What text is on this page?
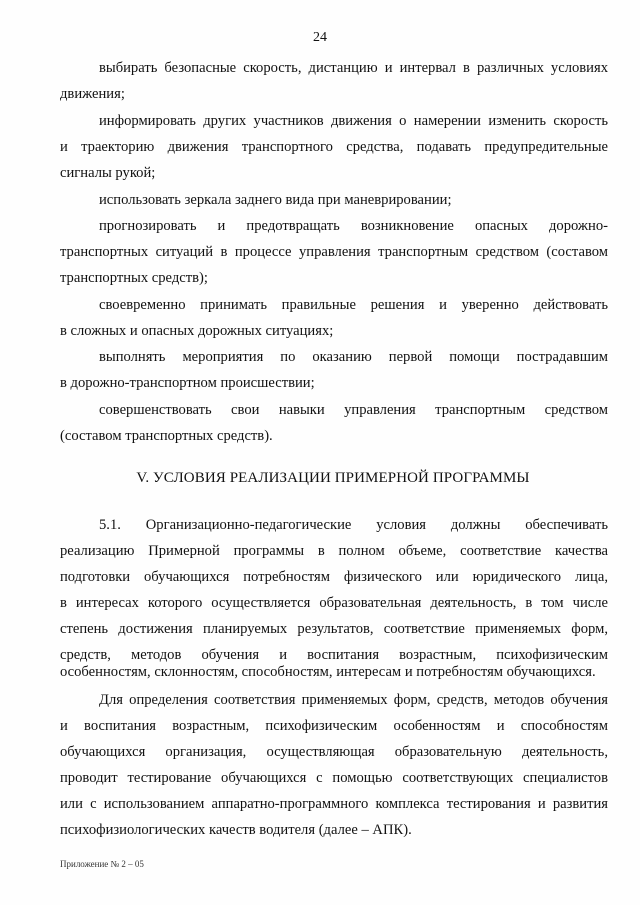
24
выбирать безопасные скорость, дистанцию и интервал в различных условиях
движения;
информировать других участников движения о намерении изменить скорость
и траекторию движения транспортного средства, подавать предупредительные
сигналы рукой;
использовать зеркала заднего вида при маневрировании;
прогнозировать и предотвращать возникновение опасных дорожно-
транспортных ситуаций в процессе управления транспортным средством (составом
транспортных средств);
своевременно принимать правильные решения и уверенно действовать
в сложных и опасных дорожных ситуациях;
выполнять мероприятия по оказанию первой помощи пострадавшим
в дорожно-транспортном происшествии;
совершенствовать свои навыки управления транспортным средством
(составом транспортных средств).
V. УСЛОВИЯ РЕАЛИЗАЦИИ ПРИМЕРНОЙ ПРОГРАММЫ
5.1. Организационно-педагогические условия должны обеспечивать
реализацию Примерной программы в полном объеме, соответствие качества
подготовки обучающихся потребностям физического или юридического лица,
в интересах которого осуществляется образовательная деятельность, в том числе
степень достижения планируемых результатов, соответствие применяемых форм,
средств, методов обучения и воспитания возрастным, психофизическим
особенностям, склонностям, способностям, интересам и потребностям обучающихся.
Для определения соответствия применяемых форм, средств, методов обучения
и воспитания возрастным, психофизическим особенностям и способностям
обучающихся организация, осуществляющая образовательную деятельность,
проводит тестирование обучающихся с помощью соответствующих специалистов
или с использованием аппаратно-программного комплекса тестирования и развития
психофизиологических качеств водителя (далее – АПК).
Приложение № 2 – 05
